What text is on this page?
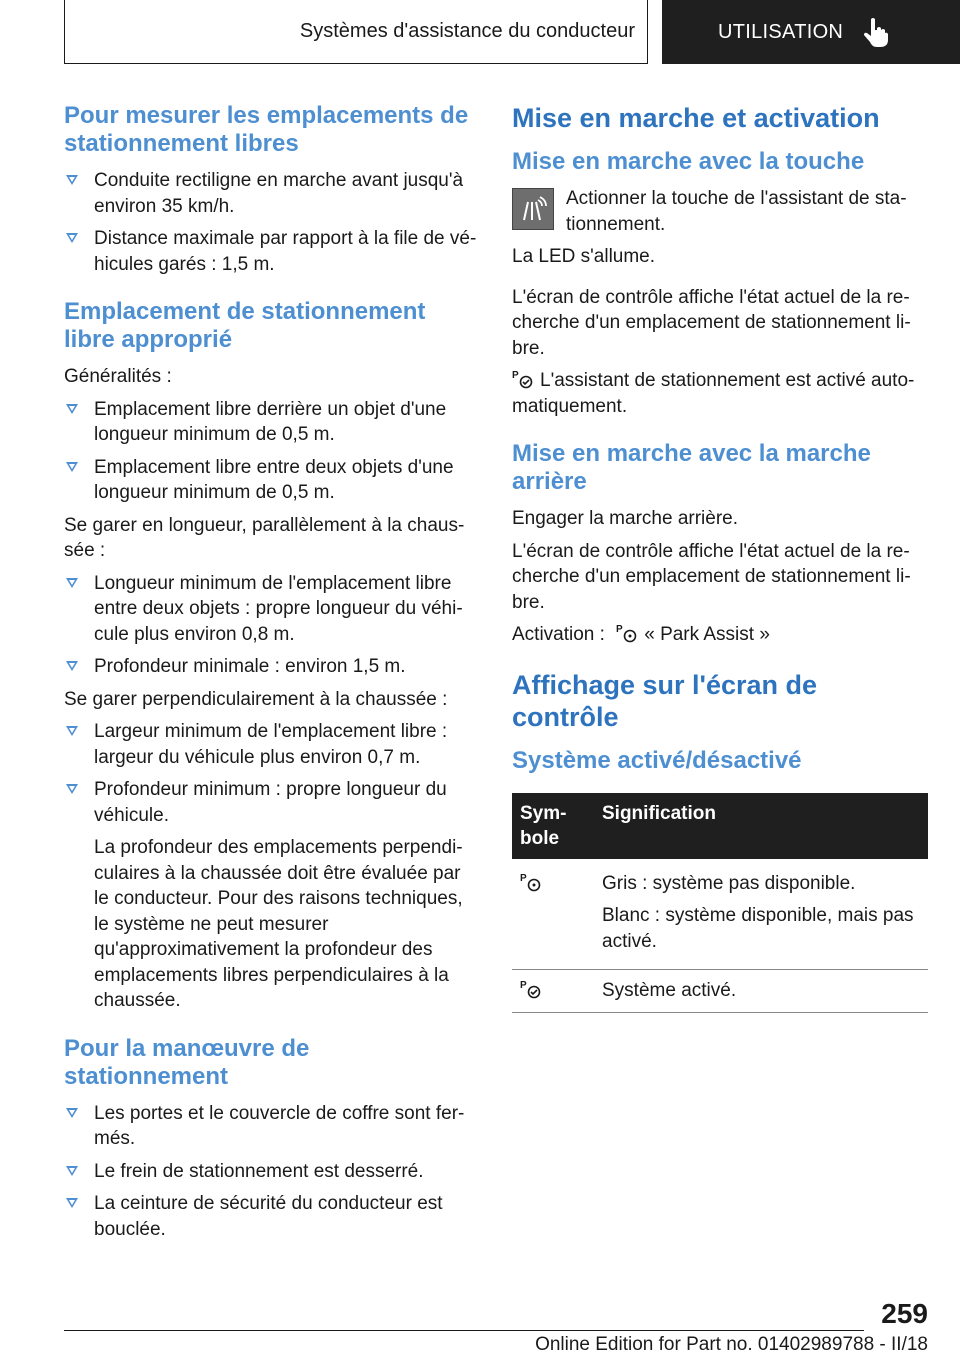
Systèmes d'assistance du conducteur	UTILISATION
Pour mesurer les emplacements de stationnement libres
Conduite rectiligne en marche avant jusqu'à environ 35 km/h.
Distance maximale par rapport à la file de véhicules garés : 1,5 m.
Emplacement de stationnement libre approprié
Généralités :
Emplacement libre derrière un objet d'une longueur minimum de 0,5 m.
Emplacement libre entre deux objets d'une longueur minimum de 0,5 m.
Se garer en longueur, parallèlement à la chaussée :
Longueur minimum de l'emplacement libre entre deux objets : propre longueur du véhicule plus environ 0,8 m.
Profondeur minimale : environ 1,5 m.
Se garer perpendiculairement à la chaussée :
Largeur minimum de l'emplacement libre : largeur du véhicule plus environ 0,7 m.
Profondeur minimum : propre longueur du véhicule.
La profondeur des emplacements perpendiculaires à la chaussée doit être évaluée par le conducteur. Pour des raisons techniques, le système ne peut mesurer qu'approximativement la profondeur des emplacements libres perpendiculaires à la chaussée.
Pour la manœuvre de stationnement
Les portes et le couvercle de coffre sont fermés.
Le frein de stationnement est desserré.
La ceinture de sécurité du conducteur est bouclée.
Mise en marche et activation
Mise en marche avec la touche
Actionner la touche de l'assistant de stationnement.
La LED s'allume.
L'écran de contrôle affiche l'état actuel de la recherche d'un emplacement de stationnement libre.
P L'assistant de stationnement est activé automatiquement.
Mise en marche avec la marche arrière
Engager la marche arrière.
L'écran de contrôle affiche l'état actuel de la recherche d'un emplacement de stationnement libre.
Activation : P « Park Assist »
Affichage sur l'écran de contrôle
Système activé/désactivé
Symbole	Signification

P	Gris : système pas disponible.

Blanc : système disponible, mais pas activé.

P	Système activé.
259
Online Edition for Part no. 01402989788 - II/18
